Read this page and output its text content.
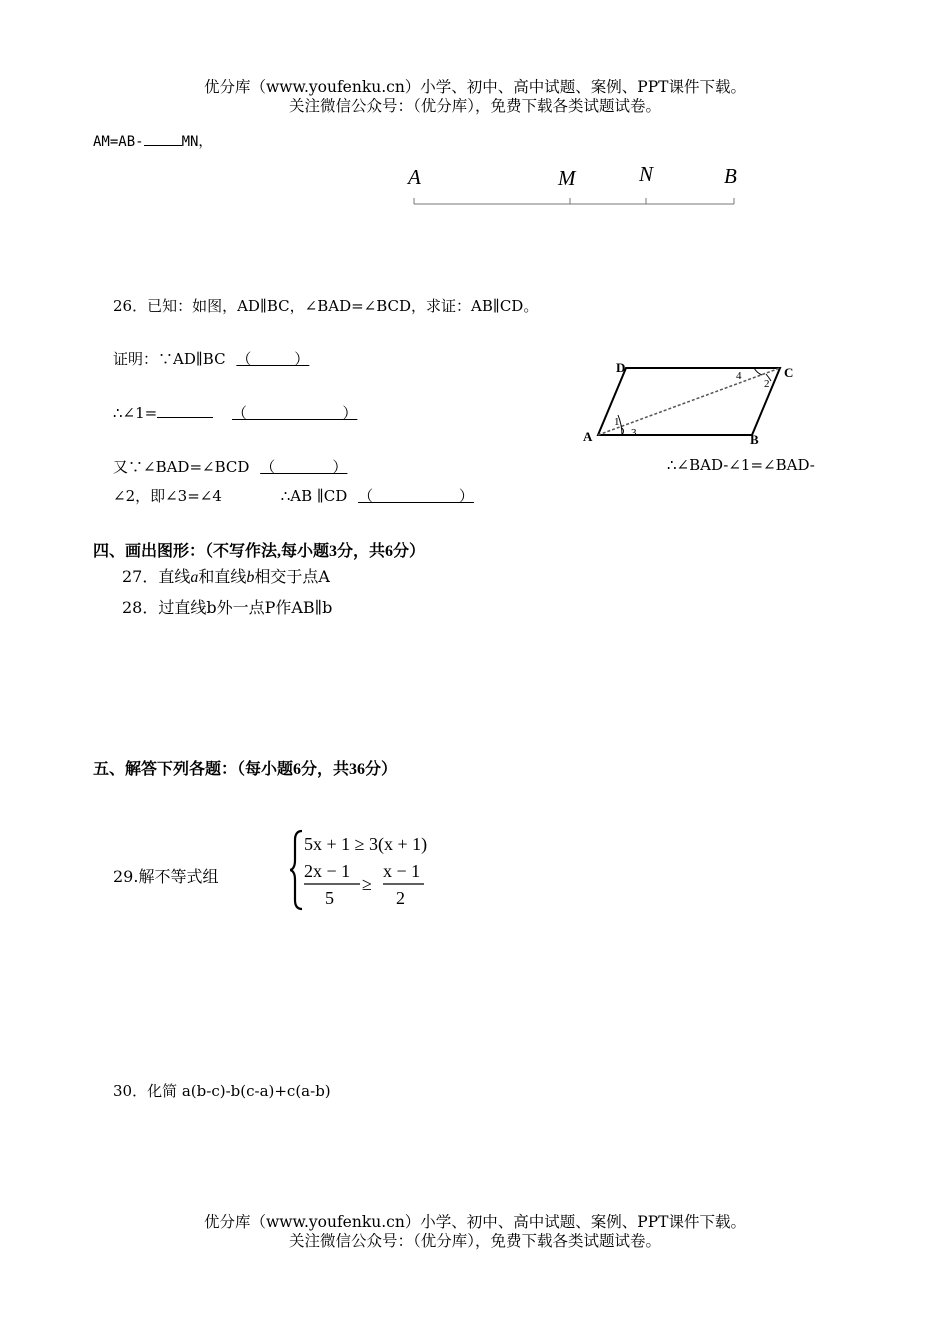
优分库（www.youfenku.cn）小学、初中、高中试题、案例、PPT课件下载。
关注微信公众号：（优分库），免费下载各类试题试卷。
AM=AB-	MN，
A	M	N	B
26．已知：如图，AD∥BC，∠BAD=∠BCD，求证：AB∥CD。
证明：∵AD∥BC （         ）
∴∠1=	（                    ）
又∵∠BAD=∠BCD （            ）	∴∠BAD-∠1=∠BAD-
∠2，即∠3=∠4	∴AB ∥CD （                  ）
D	C
A	B
4
2
1
3
四、画出图形：（不写作法,每小题3分，共6分）
27．直线a和直线b相交于点A
28．过直线b外一点P作AB∥b
五、解答下列各题：（每小题6分，共36分）
29.解不等式组
5x + 1 ≥ 3(x + 1)
2x − 1
5
≥
x − 1
2
30．化简 a(b-c)-b(c-a)+c(a-b)
优分库（www.youfenku.cn）小学、初中、高中试题、案例、PPT课件下载。
关注微信公众号：（优分库），免费下载各类试题试卷。
